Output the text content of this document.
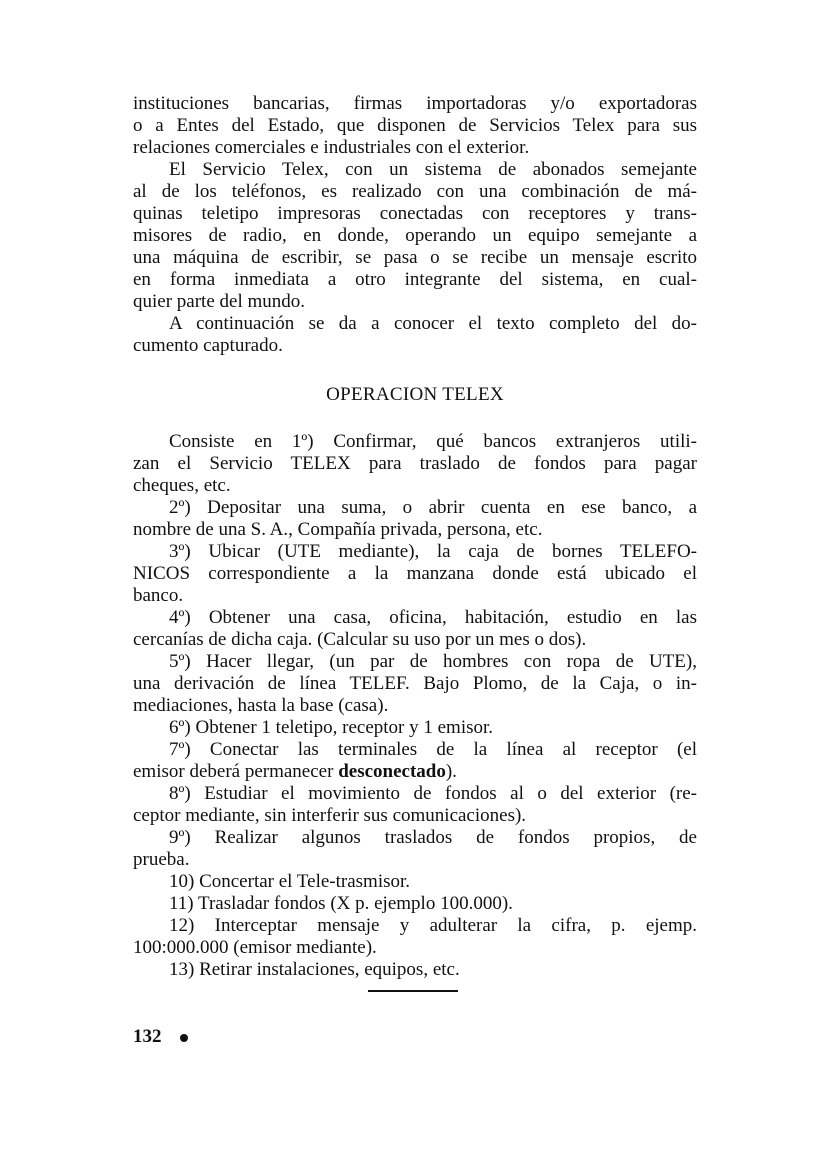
instituciones bancarias, firmas importadoras y/o exportadoras
o a Entes del Estado, que disponen de Servicios Telex para sus
relaciones comerciales e industriales con el exterior.

El Servicio Telex, con un sistema de abonados semejante
al de los teléfonos, es realizado con una combinación de má-
quinas teletipo impresoras conectadas con receptores y trans-
misores de radio, en donde, operando un equipo semejante a
una máquina de escribir, se pasa o se recibe un mensaje escrito
en forma inmediata a otro integrante del sistema, en cual-
quier parte del mundo.

A continuación se da a conocer el texto completo del do-
cumento capturado.

OPERACION TELEX

Consiste en 1º) Confirmar, qué bancos extranjeros utili-
zan el Servicio TELEX para traslado de fondos para pagar
cheques, etc.

2º) Depositar una suma, o abrir cuenta en ese banco, a
nombre de una S. A., Compañía privada, persona, etc.

3º) Ubicar (UTE mediante), la caja de bornes TELEFO-
NICOS correspondiente a la manzana donde está ubicado el
banco.

4º) Obtener una casa, oficina, habitación, estudio en las
cercanías de dicha caja. (Calcular su uso por un mes o dos).

5º) Hacer llegar, (un par de hombres con ropa de UTE),
una derivación de línea TELEF. Bajo Plomo, de la Caja, o in-
mediaciones, hasta la base (casa).

6º) Obtener 1 teletipo, receptor y 1 emisor.

7º) Conectar las terminales de la línea al receptor (el
emisor deberá permanecer desconectado).

8º) Estudiar el movimiento de fondos al o del exterior (re-
ceptor mediante, sin interferir sus comunicaciones).

9º) Realizar algunos traslados de fondos propios, de
prueba.

10) Concertar el Tele-trasmisor.

11) Trasladar fondos (X p. ejemplo 100.000).

12) Interceptar mensaje y adulterar la cifra, p. ejemp.
100:000.000 (emisor mediante).

13) Retirar instalaciones, equipos, etc.

132
